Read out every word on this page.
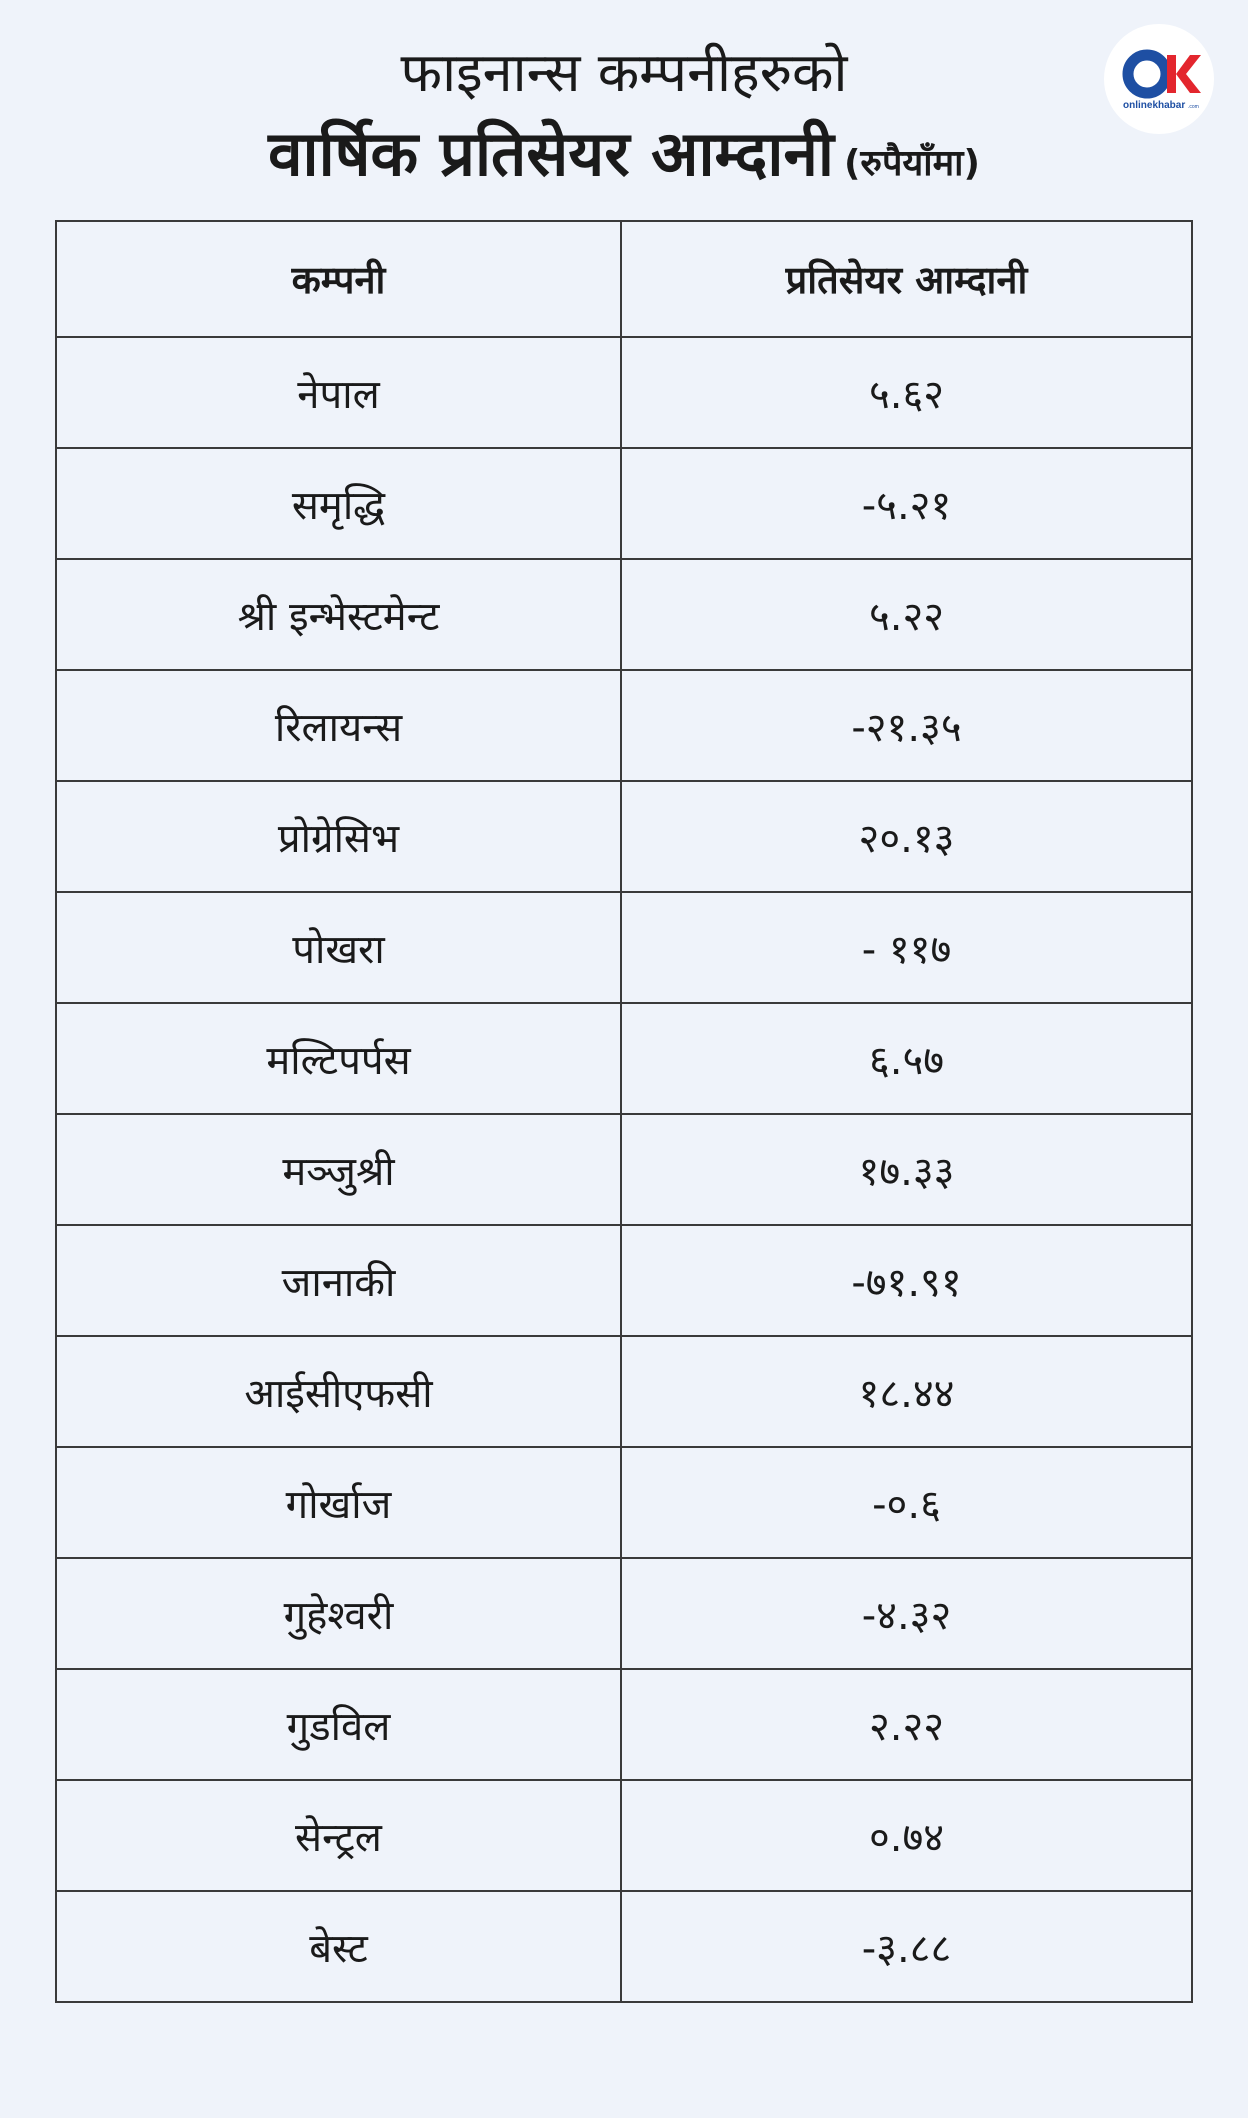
फाइनान्स कम्पनीहरुको
वार्षिक प्रतिसेयर आम्दानी (रुपैयाँमा)
onlinekhabar .com
कम्पनी	प्रतिसेयर आम्दानी
नेपाल	५.६२
समृद्धि	-५.२१
श्री इन्भेस्टमेन्ट	५.२२
रिलायन्स	-२१.३५
प्रोग्रेसिभ	२०.१३
पोखरा	- ११७
मल्टिपर्पस	६.५७
मञ्जुश्री	१७.३३
जानाकी	-७१.९१
आईसीएफसी	१८.४४
गोर्खाज	-०.६
गुहेश्वरी	-४.३२
गुडविल	२.२२
सेन्ट्रल	०.७४
बेस्ट	-३.८८
